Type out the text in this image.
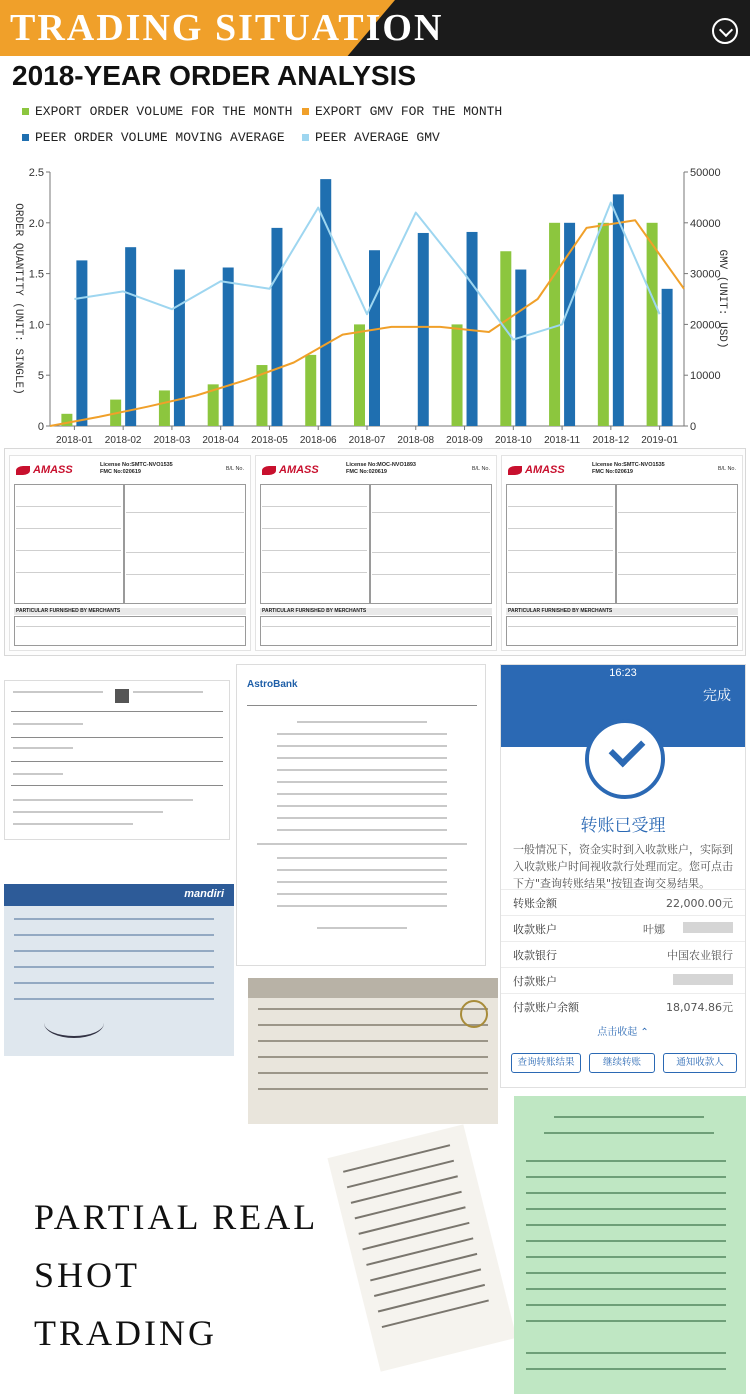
TRADING SITUATION
2018-YEAR ORDER ANALYSIS
EXPORT ORDER VOLUME FOR THE MONTH	EXPORT GMV FOR THE MONTH
PEER ORDER VOLUME MOVING AVERAGE	PEER AVERAGE GMV
0
5
1.0
1.5
2.0
2.5
0
10000
20000
30000
40000
50000
ORDER QUANTITY (UNIT: SINGLE)	GMV (UNIT: USD)
2018-01 2018-02 2018-03 2018-04 2018-05 2018-06 2018-07 2018-08 2018-09 2018-10 2018-11 2018-12 2019-01
AMASS	License No:SMTC-NVO1535
FMC No:020619	B/L No.
PARTICULAR FURNISHED BY MERCHANTS
AMASS	License No:MOC-NVO1893
FMC No:020619	B/L No.
PARTICULAR FURNISHED BY MERCHANTS
AMASS	License No:SMTC-NVO1535
FMC No:020619	B/L No.
PARTICULAR FURNISHED BY MERCHANTS
AstroBank
16:23
完成
转账已受理
一般情况下，资金实时到入收款账户，实际到入收款账户时间视收款行处理而定。您可点击下方"查询转账结果"按钮查询交易结果。
转账金额	22,000.00元
收款账户	叶娜
收款银行	中国农业银行
付款账户
付款账户余额	18,074.86元
点击收起 ⌃
查询转账结果	继续转账	通知收款人
mandiri
PARTIAL REAL
SHOT
TRADING
